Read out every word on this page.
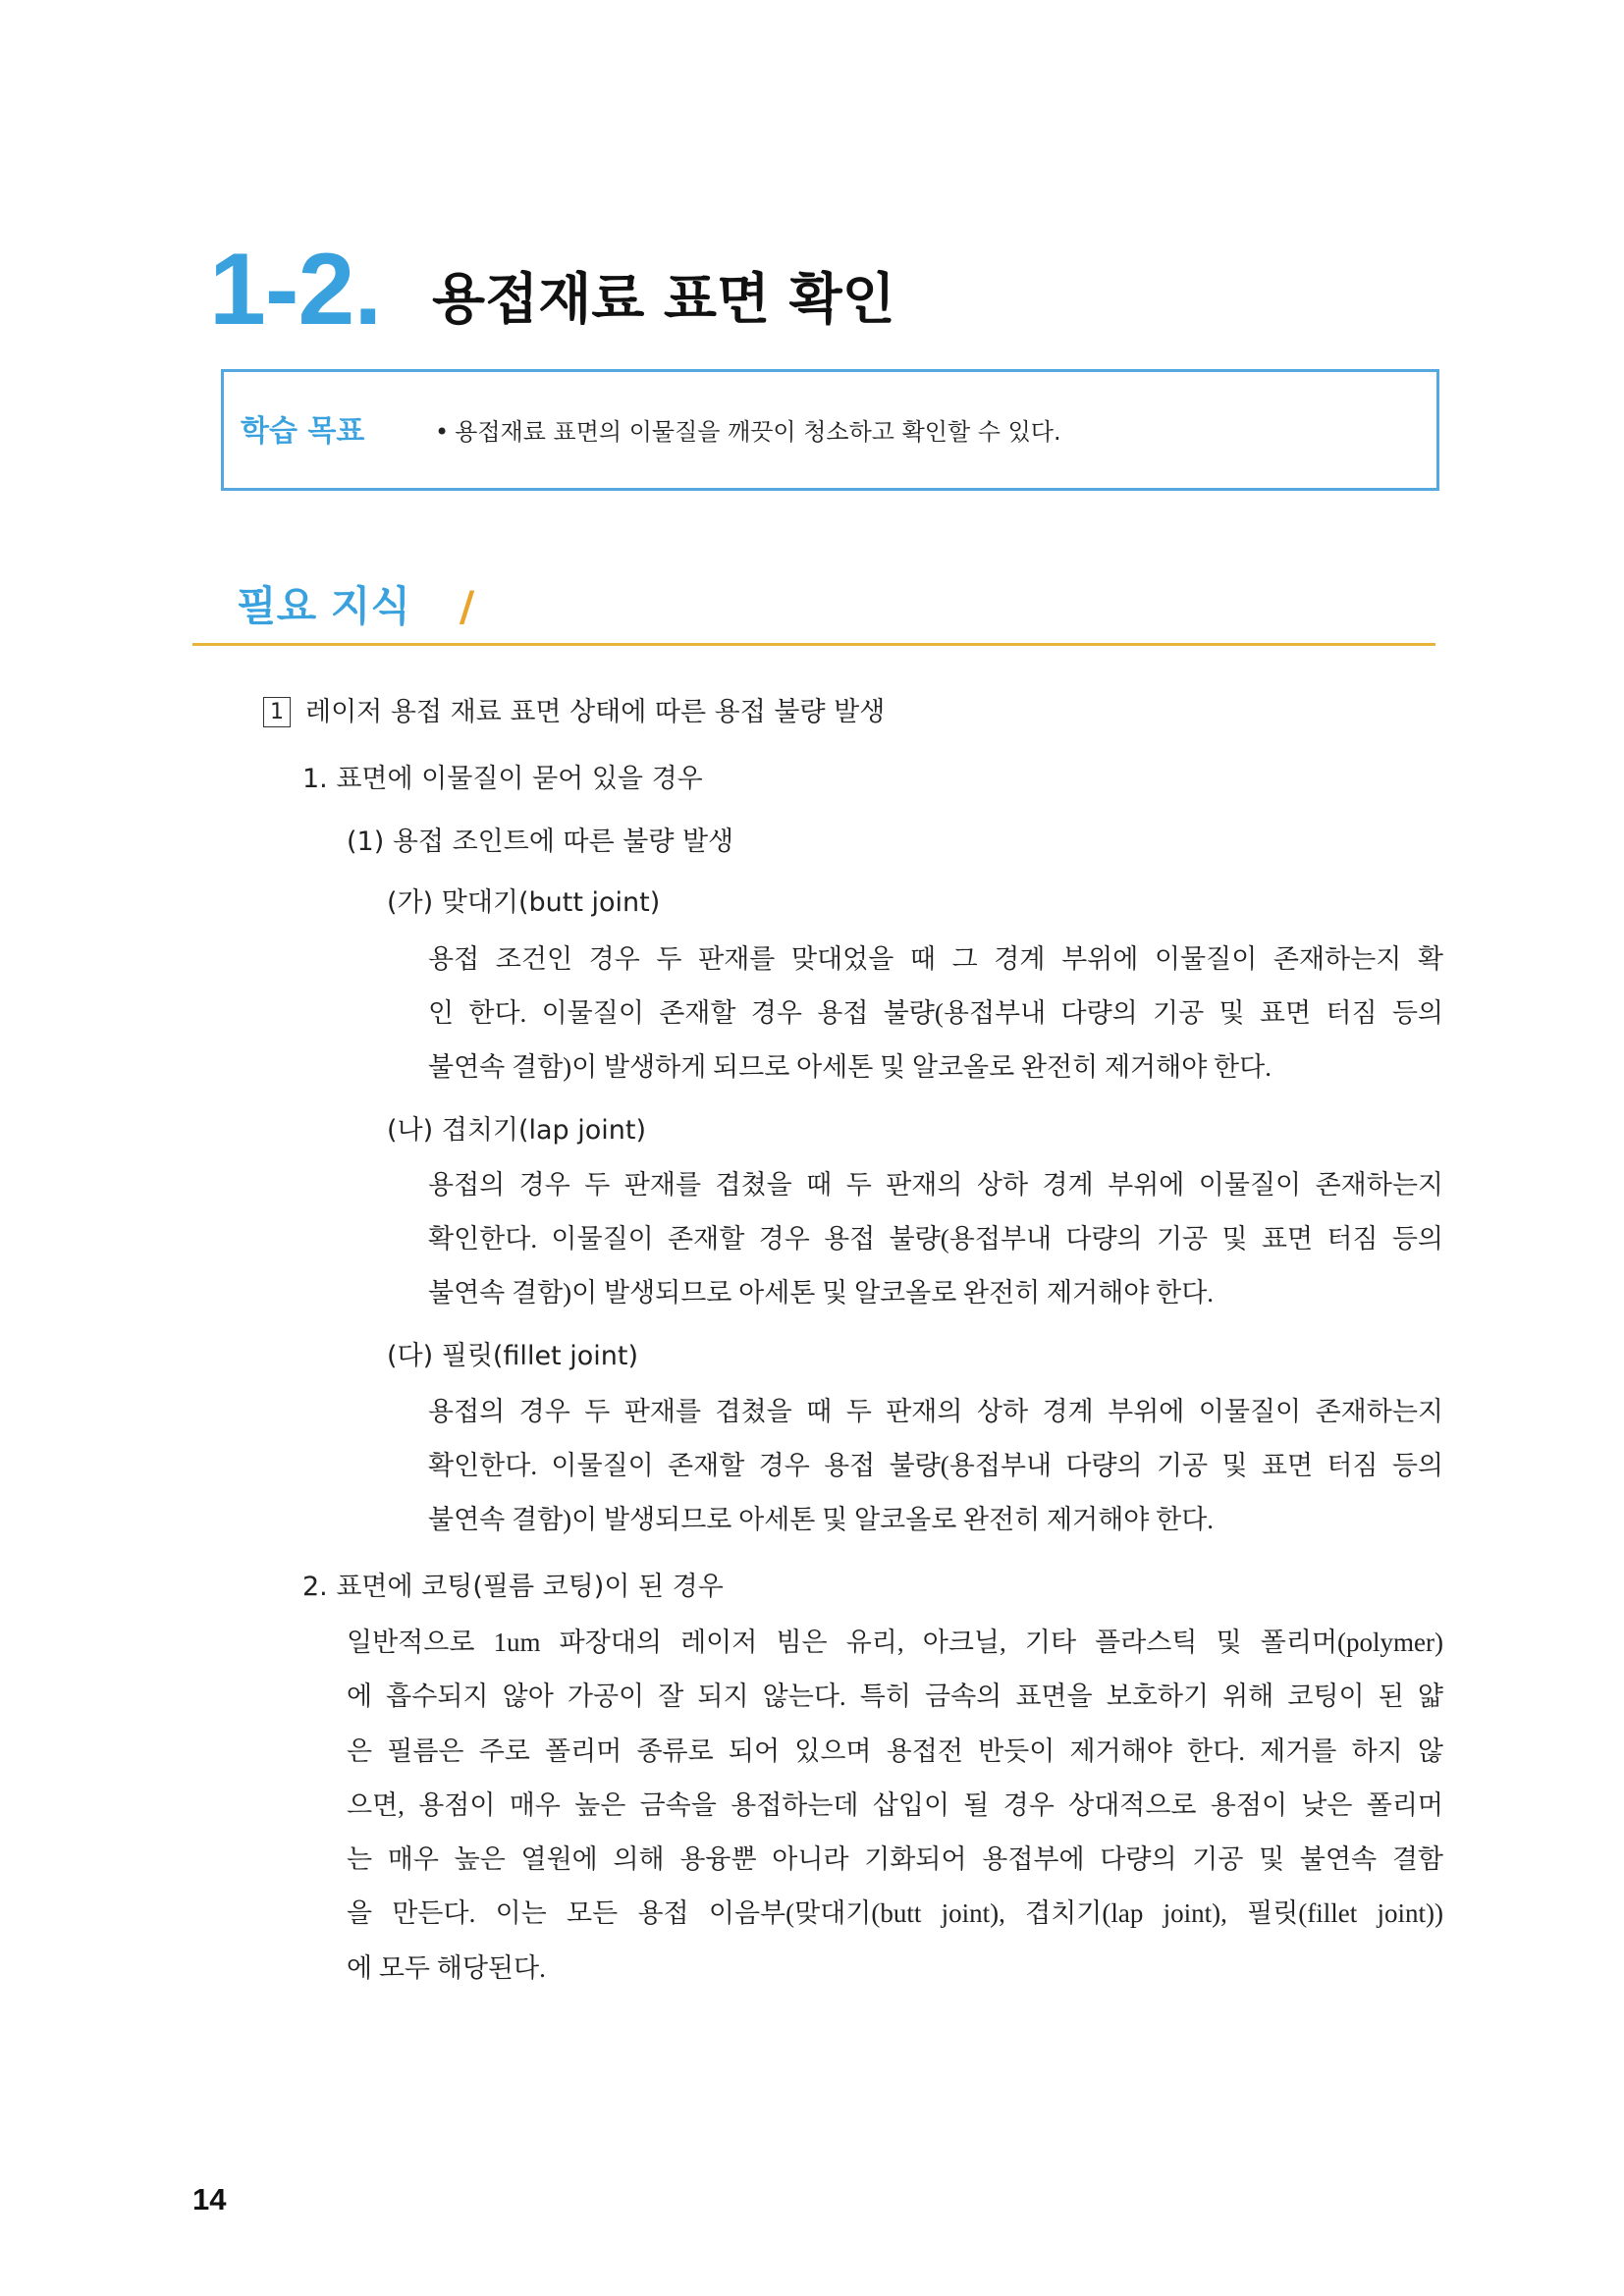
1-2. 용접재료 표면 확인
학습 목표	• 용접재료 표면의 이물질을 깨끗이 청소하고 확인할 수 있다.
필요 지식 /
1 레이저 용접 재료 표면 상태에 따른 용접 불량 발생
1. 표면에 이물질이 묻어 있을 경우
(1) 용접 조인트에 따른 불량 발생
(가) 맞대기(butt joint)
용접 조건인 경우 두 판재를 맞대었을 때 그 경계 부위에 이물질이 존재하는지 확
인 한다. 이물질이 존재할 경우 용접 불량(용접부내 다량의 기공 및 표면 터짐 등의
불연속 결함)이 발생하게 되므로 아세톤 및 알코올로 완전히 제거해야 한다.
(나) 겹치기(lap joint)
용접의 경우 두 판재를 겹쳤을 때 두 판재의 상하 경계 부위에 이물질이 존재하는지
확인한다. 이물질이 존재할 경우 용접 불량(용접부내 다량의 기공 및 표면 터짐 등의
불연속 결함)이 발생되므로 아세톤 및 알코올로 완전히 제거해야 한다.
(다) 필릿(fillet joint)
용접의 경우 두 판재를 겹쳤을 때 두 판재의 상하 경계 부위에 이물질이 존재하는지
확인한다. 이물질이 존재할 경우 용접 불량(용접부내 다량의 기공 및 표면 터짐 등의
불연속 결함)이 발생되므로 아세톤 및 알코올로 완전히 제거해야 한다.
2. 표면에 코팅(필름 코팅)이 된 경우
일반적으로 1um 파장대의 레이저 빔은 유리, 아크닐, 기타 플라스틱 및 폴리머(polymer)
에 흡수되지 않아 가공이 잘 되지 않는다. 특히 금속의 표면을 보호하기 위해 코팅이 된 얇
은 필름은 주로 폴리머 종류로 되어 있으며 용접전 반듯이 제거해야 한다. 제거를 하지 않
으면, 용점이 매우 높은 금속을 용접하는데 삽입이 될 경우 상대적으로 용점이 낮은 폴리머
는 매우 높은 열원에 의해 용융뿐 아니라 기화되어 용접부에 다량의 기공 및 불연속 결함
을 만든다. 이는 모든 용접 이음부(맞대기(butt joint), 겹치기(lap joint), 필릿(fillet joint))
에 모두 해당된다.
14
